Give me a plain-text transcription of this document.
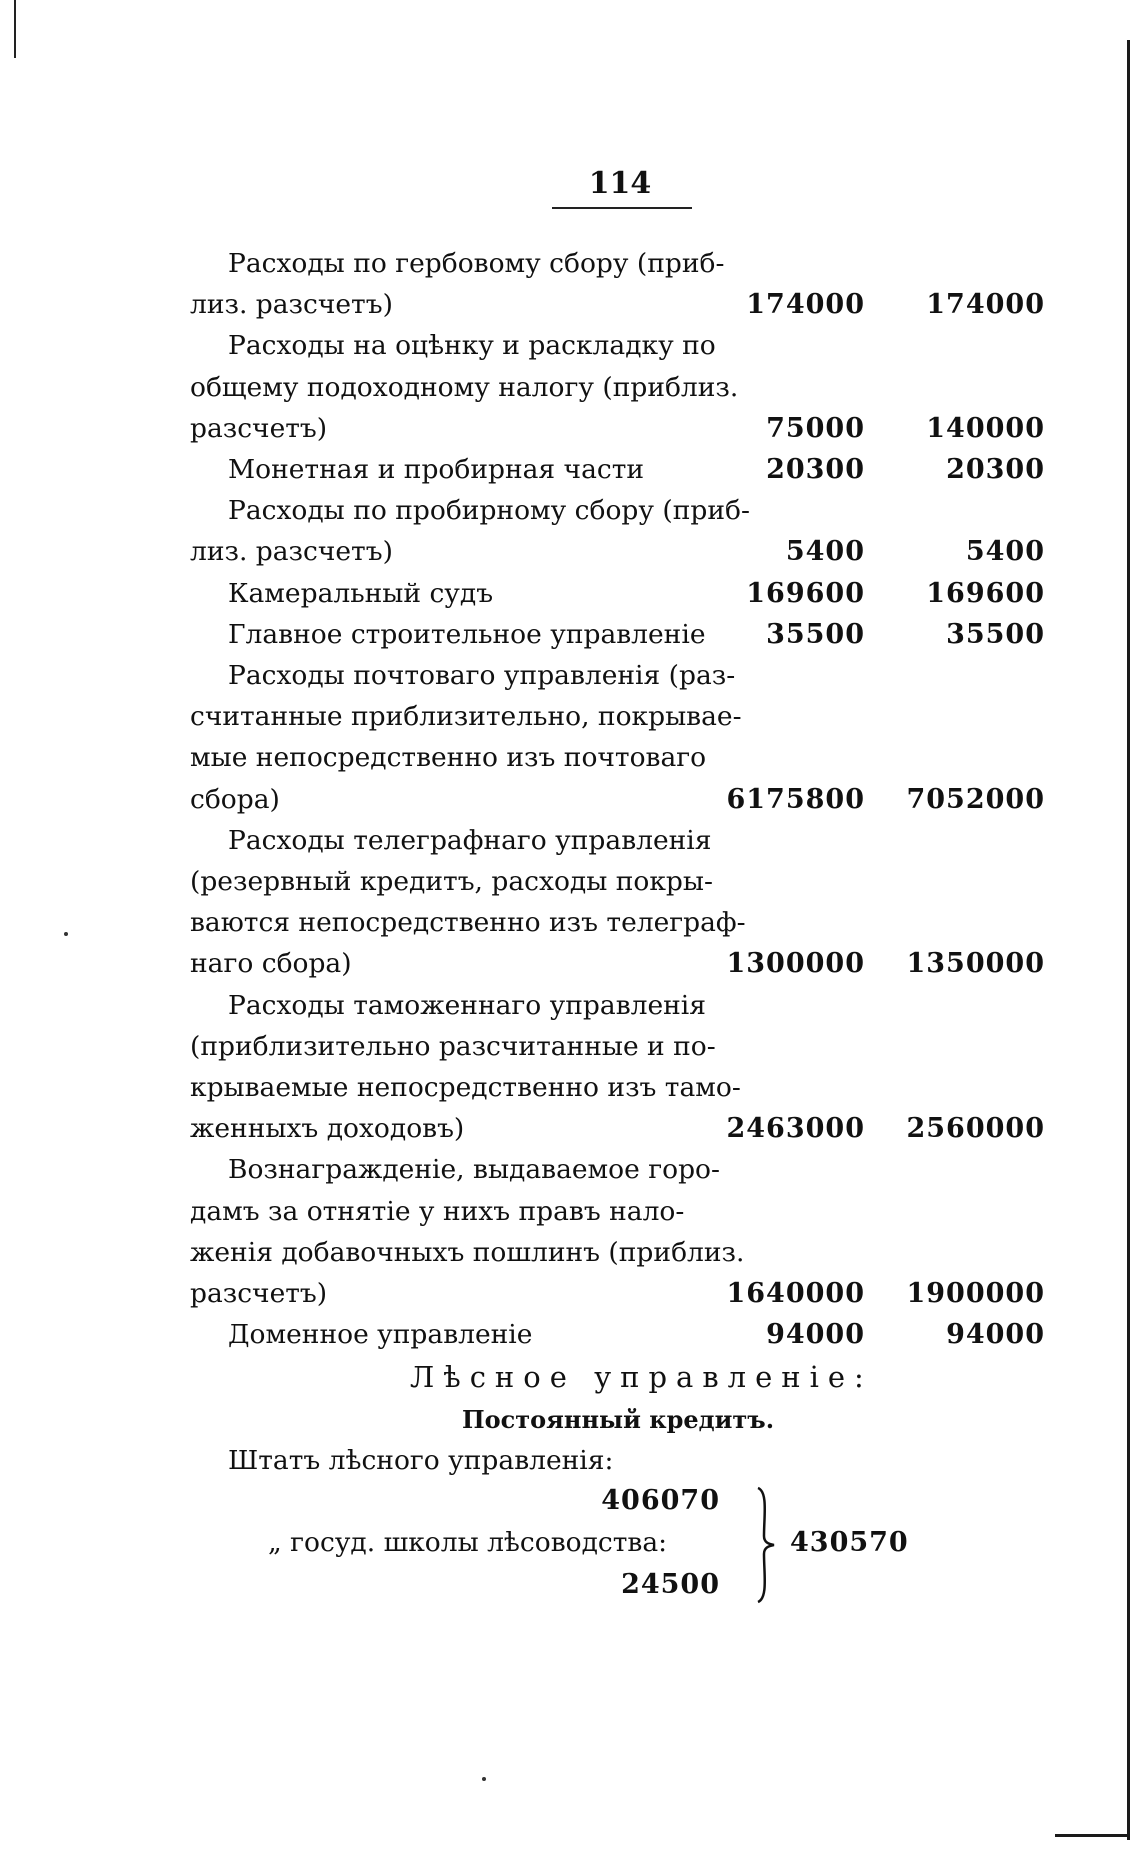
114
Расходы по гербовому сбору (приб-
лиз. разсчетъ)	174000	174000
Расходы на оцѣнку и раскладку по
общему подоходному налогу (приблиз.
разсчетъ)	75000	140000
Монетная и пробирная части	20300	20300
Расходы по пробирному сбору (приб-
лиз. разсчетъ)	5400	5400
Камеральный судъ	169600	169600
Главное строительное управленіе	35500	35500
Расходы почтоваго управленія (раз-
считанные приблизительно, покрывае-
мые непосредственно изъ почтоваго
сбора)	6175800	7052000
Расходы телеграфнаго управленія
(резервный кредитъ, расходы покры-
ваются непосредственно изъ телеграф-
наго сбора)	1300000	1350000
Расходы таможеннаго управленія
(приблизительно разсчитанные и по-
крываемые непосредственно изъ тамо-
женныхъ доходовъ)	2463000	2560000
Вознагражденіе, выдаваемое горо-
дамъ за отнятіе у нихъ правъ нало-
женія добавочныхъ пошлинъ (приблиз.
разсчетъ)	1640000	1900000
Доменное управленіе	94000	94000
Лѣсное управленіе:
Постоянный кредитъ.
Штатъ лѣсного управленія:
406070
„ госуд. школы лѣсоводства:
24500
430570
